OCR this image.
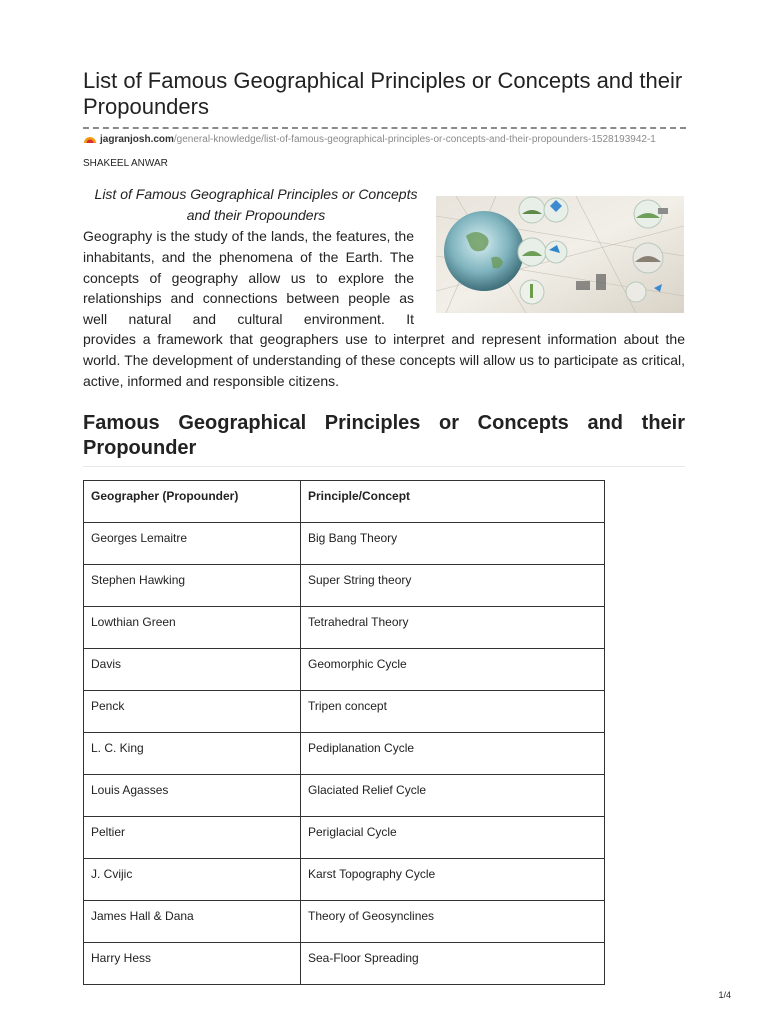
List of Famous Geographical Principles or Concepts and their Propounders
jagranjosh.com/general-knowledge/list-of-famous-geographical-principles-or-concepts-and-their-propounders-1528193942-1
SHAKEEL ANWAR
List of Famous Geographical Principles or Concepts and their Propounders
Geography is the study of the lands, the features, the inhabitants, and the phenomena of the Earth. The concepts of geography allow us to explore the relationships and connections between people as well natural and cultural environment. It
provides a framework that geographers use to interpret and represent information about the world. The development of understanding of these concepts will allow us to participate as critical, active, informed and responsible citizens.
Famous Geographical Principles or Concepts and their Propounder
Geographer (Propounder)	Principle/Concept
Georges Lemaitre	Big Bang Theory
Stephen Hawking	Super String theory
Lowthian Green	Tetrahedral Theory
Davis	Geomorphic Cycle
Penck	Tripen concept
L. C. King	Pediplanation Cycle
Louis Agasses	Glaciated Relief Cycle
Peltier	Periglacial Cycle
J. Cvijic	Karst Topography Cycle
James Hall & Dana	Theory of Geosynclines
Harry Hess	Sea-Floor Spreading
1/4
